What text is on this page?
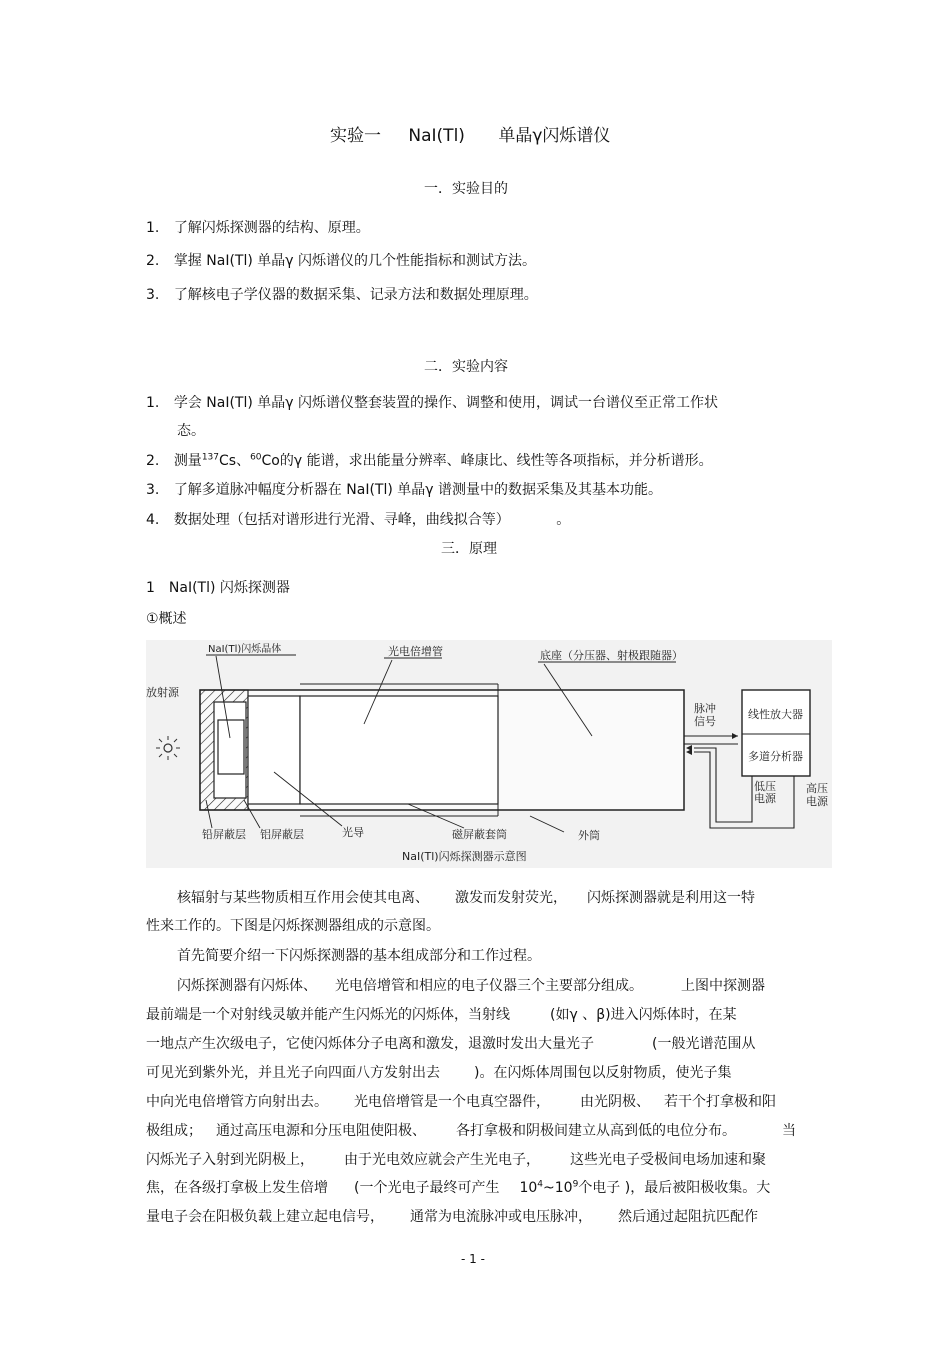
实验一 NaI(Tl) 单晶γ闪烁谱仪
一．实验目的
1. 了解闪烁探测器的结构、原理。
2. 掌握 NaI(Tl) 单晶γ 闪烁谱仪的几个性能指标和测试方法。
3. 了解核电子学仪器的数据采集、记录方法和数据处理原理。
二．实验内容
1. 学会 NaI(Tl) 单晶γ 闪烁谱仪整套装置的操作、调整和使用，调试一台谱仪至正常工作状
态。
2. 测量$^{137}$Cs、$^{60}$Co的γ 能谱，求出能量分辨率、峰康比、线性等各项指标，并分析谱形。
3. 了解多道脉冲幅度分析器在 NaI(Tl) 单晶γ 谱测量中的数据采集及其基本功能。
4. 数据处理（包括对谱形进行光滑、寻峰，曲线拟合等）	。
三．原理
1　NaI(Tl) 闪烁探测器
①概述
NaI(Tl)闪烁晶体	光电倍增管	底座（分压器、射极跟随器）
放射源
脉冲
信号
线性放大器
多道分析器
低压
电源
高压
电源
铅屏蔽层 铝屏蔽层	光导	磁屏蔽套筒	外筒
NaI(Tl)闪烁探测器示意图
核辐射与某些物质相互作用会使其电离、 激发而发射荧光， 闪烁探测器就是利用这一特
性来工作的。下图是闪烁探测器组成的示意图。
首先简要介绍一下闪烁探测器的基本组成部分和工作过程。
闪烁探测器有闪烁体、 光电倍增管和相应的电子仪器三个主要部分组成。	上图中探测器
最前端是一个对射线灵敏并能产生闪烁光的闪烁体，当射线	(如γ 、β)进入闪烁体时，在某
一地点产生次级电子，它使闪烁体分子电离和激发，退激时发出大量光子	(一般光谱范围从
可见光到紫外光，并且光子向四面八方发射出去 )。在闪烁体周围包以反射物质，使光子集
中向光电倍增管方向射出去。 光电倍增管是一个电真空器件， 由光阴极、 若干个打拿极和阳
极组成； 通过高压电源和分压电阻使阳极、 各打拿极和阴极间建立从高到低的电位分布。	当
闪烁光子入射到光阴极上， 由于光电效应就会产生光电子， 这些光电子受极间电场加速和聚
焦，在各级打拿极上发生倍增 (一个光电子最终可产生 $10^4\sim 10^9$个电子 )，最后被阳极收集。大
量电子会在阳极负载上建立起电信号， 通常为电流脉冲或电压脉冲， 然后通过起阻抗匹配作
- 1 -
